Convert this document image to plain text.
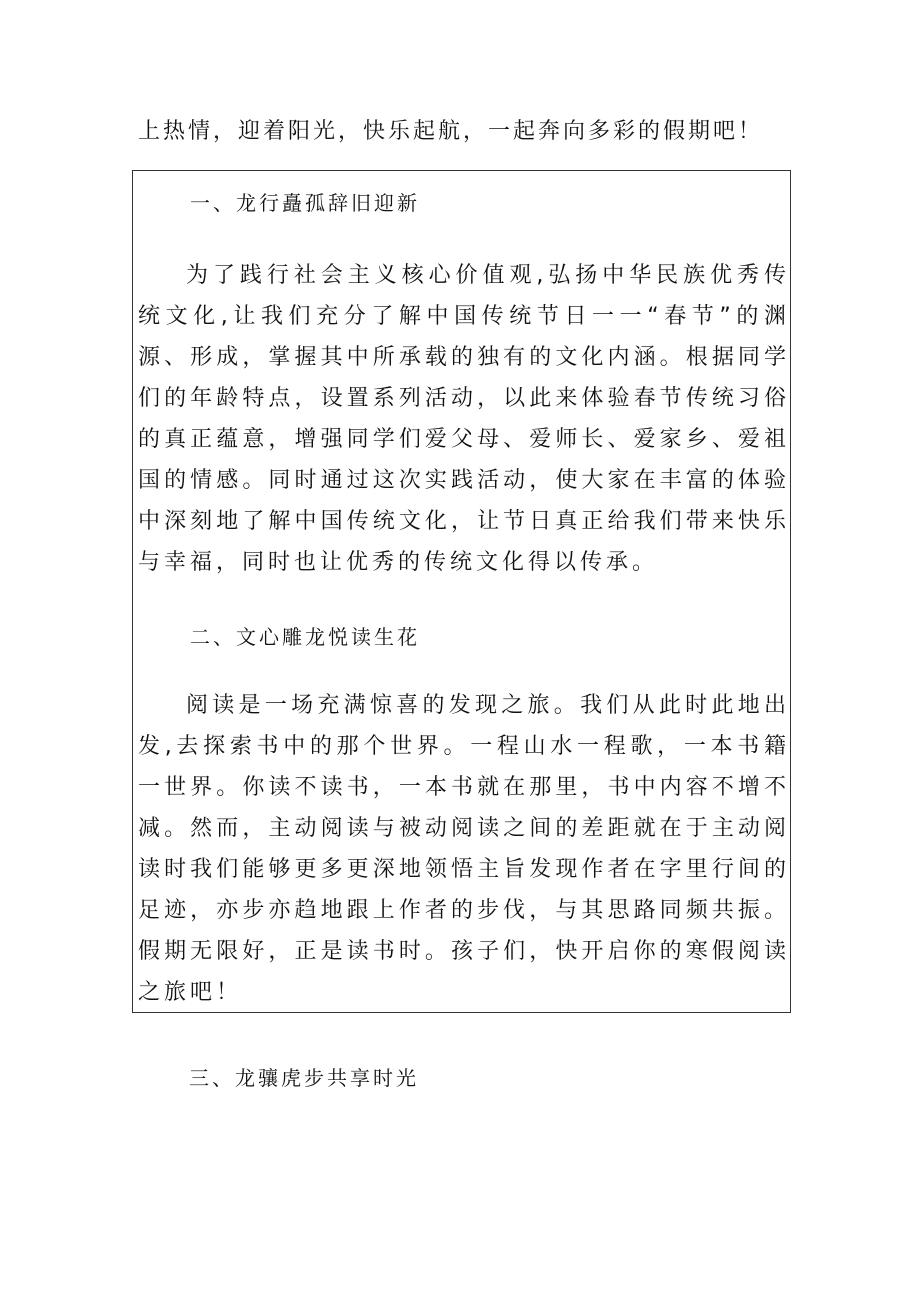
上热情，迎着阳光，快乐起航，一起奔向多彩的假期吧！
一、龙行矗孤辞旧迎新
为了践行社会主义核心价值观,弘扬中华民族优秀传统文化,让我们充分了解中国传统节日一一“春节”的渊源、形成，掌握其中所承载的独有的文化内涵。根据同学们的年龄特点，设置系列活动，以此来体验春节传统习俗的真正蕴意，增强同学们爱父母、爱师长、爱家乡、爱祖国的情感。同时通过这次实践活动，使大家在丰富的体验中深刻地了解中国传统文化，让节日真正给我们带来快乐与幸福，同时也让优秀的传统文化得以传承。
二、文心雕龙悦读生花
阅读是一场充满惊喜的发现之旅。我们从此时此地出发,去探索书中的那个世界。一程山水一程歌，一本书籍一世界。你读不读书，一本书就在那里，书中内容不增不减。然而，主动阅读与被动阅读之间的差距就在于主动阅读时我们能够更多更深地领悟主旨发现作者在字里行间的足迹，亦步亦趋地跟上作者的步伐，与其思路同频共振。假期无限好，正是读书时。孩子们，快开启你的寒假阅读之旅吧！
三、龙骧虎步共享时光
